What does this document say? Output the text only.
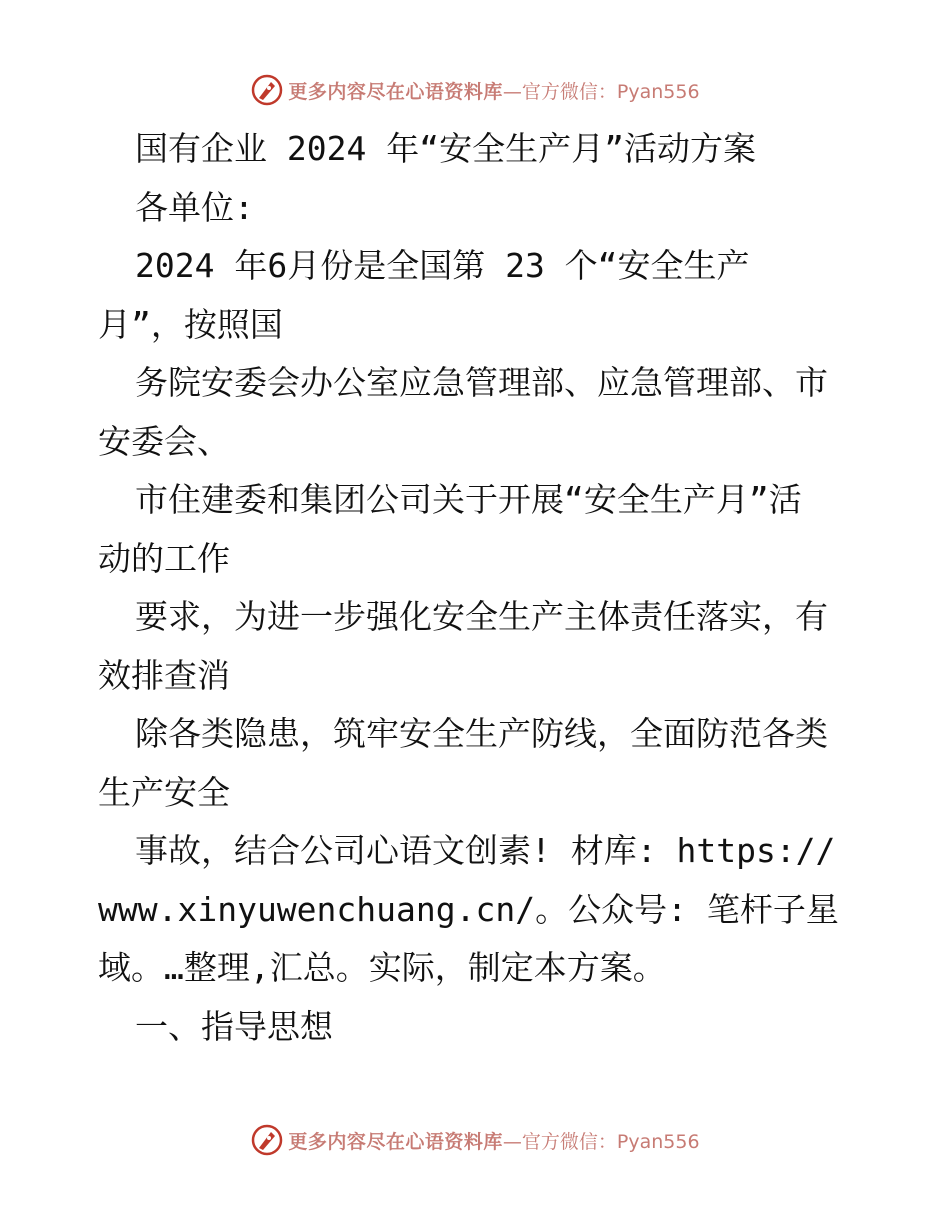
更多内容尽在心语资料库 —官方微信：Pyan556
国有企业 2024 年“安全生产月”活动方案
各单位:
2024 年6月份是全国第 23 个“安全生产
月”，按照国
务院安委会办公室应急管理部、应急管理部、市
安委会、
市住建委和集团公司关于开展“安全生产月”活
动的工作
要求，为进一步强化安全生产主体责任落实，有
效排查消
除各类隐患，筑牢安全生产防线，全面防范各类
生产安全
事故，结合公司心语文创素! 材库: https://
www.xinyuwenchuang.cn/。公众号: 笔杆子星
域。…整理,汇总。实际，制定本方案。
一、指导思想
更多内容尽在心语资料库 —官方微信：Pyan556
